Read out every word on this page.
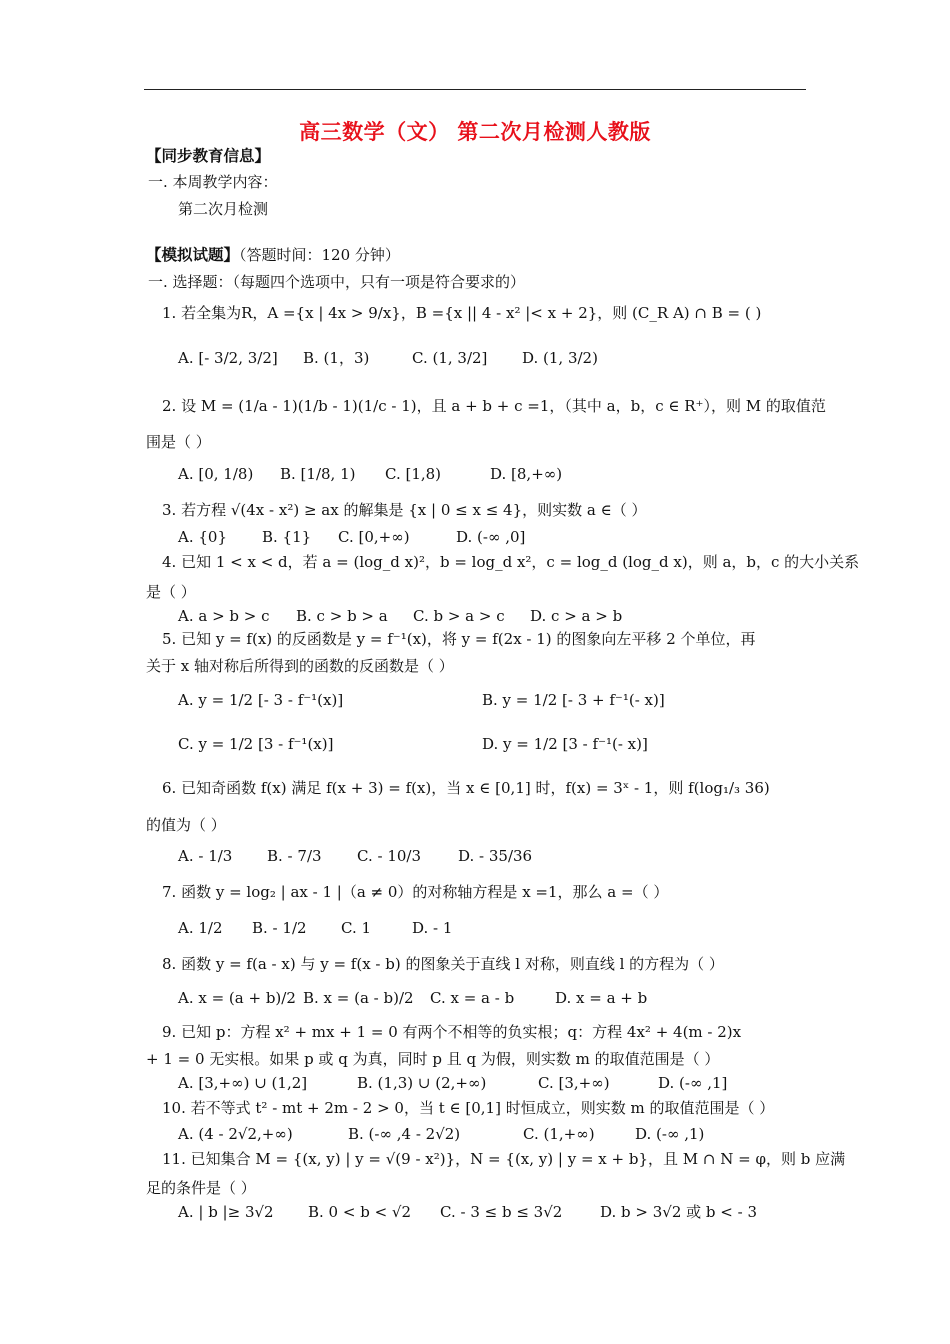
高三数学（文） 第二次月检测人教版
【同步教育信息】
一. 本周教学内容：
第二次月检测
【模拟试题】（答题时间：120 分钟）
一. 选择题：（每题四个选项中，只有一项是符合要求的）
1. 若全集为R，A ={x | 4x > 9/x}，B ={x || 4 - x² |< x + 2}，则 (C_R A) ∩ B = ( )
A. [- 3/2, 3/2] B. (1，3)	C. (1, 3/2] D. (1, 3/2)
2. 设 M = (1/a - 1)(1/b - 1)(1/c - 1)，且 a + b + c =1，（其中 a，b，c ∈ R⁺），则 M 的取值范
围是（ ）
A. [0, 1/8) B. [1/8, 1) C. [1,8)	D. [8,+∞)
3. 若方程 √(4x - x²) ≥ ax 的解集是 {x | 0 ≤ x ≤ 4}，则实数 a ∈（ ）
A. {0} B. {1} C. [0,+∞)	D. (-∞ ,0]
4. 已知 1 < x < d，若 a = (log_d x)²，b = log_d x²，c = log_d (log_d x)，则 a，b，c 的大小关系
是（ ）
A. a > b > c B. c > b > a C. b > a > c D. c > a > b
5. 已知 y = f(x) 的反函数是 y = f⁻¹(x)，将 y = f(2x - 1) 的图象向左平移 2 个单位，再
关于 x 轴对称后所得到的函数的反函数是（ ）
A. y = 1/2 [- 3 - f⁻¹(x)]	B. y = 1/2 [- 3 + f⁻¹(- x)]
C. y = 1/2 [3 - f⁻¹(x)]	D. y = 1/2 [3 - f⁻¹(- x)]
6. 已知奇函数 f(x) 满足 f(x + 3) = f(x)，当 x ∈ [0,1] 时，f(x) = 3ˣ - 1，则 f(log₁/₃ 36)
的值为（ ）
A. - 1/3 B. - 7/3 C. - 10/3 D. - 35/36
7. 函数 y = log₂ | ax - 1 |（a ≠ 0）的对称轴方程是 x =1，那么 a =（ ）
A. 1/2 B. - 1/2 C. 1	D. - 1
8. 函数 y = f(a - x) 与 y = f(x - b) 的图象关于直线 l 对称，则直线 l 的方程为（ ）
A. x = (a + b)/2 B. x = (a - b)/2 C. x = a - b	D. x = a + b
9. 已知 p：方程 x² + mx + 1 = 0 有两个不相等的负实根；q：方程 4x² + 4(m - 2)x
+ 1 = 0 无实根。如果 p 或 q 为真，同时 p 且 q 为假，则实数 m 的取值范围是（ ）
A. [3,+∞) ∪ (1,2]	B. (1,3) ∪ (2,+∞)	C. [3,+∞)	D. (-∞ ,1]
10. 若不等式 t² - mt + 2m - 2 > 0，当 t ∈ [0,1] 时恒成立，则实数 m 的取值范围是（ ）
A. (4 - 2√2,+∞)	B. (-∞ ,4 - 2√2)	C. (1,+∞)	D. (-∞ ,1)
11. 已知集合 M = {(x, y) | y = √(9 - x²)}，N = {(x, y) | y = x + b}，且 M ∩ N = φ，则 b 应满
足的条件是（ ）
A. | b |≥ 3√2 B. 0 < b < √2 C. - 3 ≤ b ≤ 3√2	D. b > 3√2 或 b < - 3
